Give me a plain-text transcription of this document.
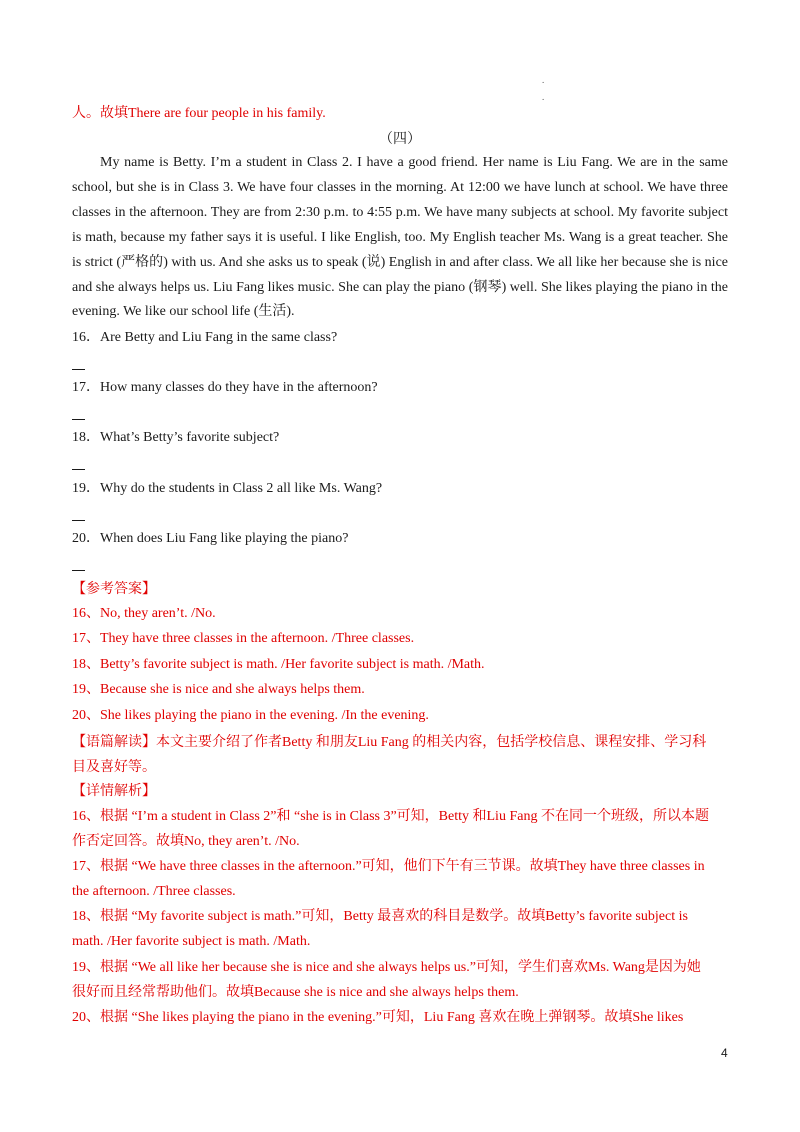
.
.
人。故填There are four people in his family.
（四）
My name is Betty. I’m a student in Class 2. I have a good friend. Her name is Liu Fang. We are in the same school, but she is in Class 3. We have four classes in the morning. At 12:00 we have lunch at school. We have three classes in the afternoon. They are from 2:30 p.m. to 4:55 p.m. We have many subjects at school. My favorite subject is math, because my father says it is useful. I like English, too. My English teacher Ms. Wang is a great teacher. She is strict (严格的) with us. And she asks us to speak (说) English in and after class. We all like her because she is nice and she always helps us. Liu Fang likes music. She can play the piano (钢琴) well. She likes playing the piano in the evening. We like our school life (生活).
16．Are Betty and Liu Fang in the same class?
17．How many classes do they have in the afternoon?
18．What’s Betty’s favorite subject?
19．Why do the students in Class 2 all like Ms. Wang?
20．When does Liu Fang like playing the piano?
【参考答案】
16、No, they aren’t. /No.
17、They have three classes in the afternoon. /Three classes.
18、Betty’s favorite subject is math. /Her favorite subject is math. /Math.
19、Because she is nice and she always helps them.
20、She likes playing the piano in the evening. /In the evening.
【语篇解读】本文主要介绍了作者Betty 和朋友Liu Fang 的相关内容，包括学校信息、课程安排、学习科
目及喜好等。
【详情解析】
16、根据 “I’m a student in Class 2”和 “she is in Class 3”可知，Betty 和Liu Fang 不在同一个班级，所以本题
作否定回答。故填No, they aren’t. /No.
17、根据 “We have three classes in the afternoon.”可知，他们下午有三节课。故填They have three classes in
the afternoon. /Three classes.
18、根据 “My favorite subject is math.”可知，Betty 最喜欢的科目是数学。故填Betty’s favorite subject is
math. /Her favorite subject is math. /Math.
19、根据 “We all like her because she is nice and she always helps us.”可知，学生们喜欢Ms. Wang是因为她
很好而且经常帮助他们。故填Because she is nice and she always helps them.
20、根据 “She likes playing the piano in the evening.”可知，Liu Fang 喜欢在晚上弹钢琴。故填She likes
4
